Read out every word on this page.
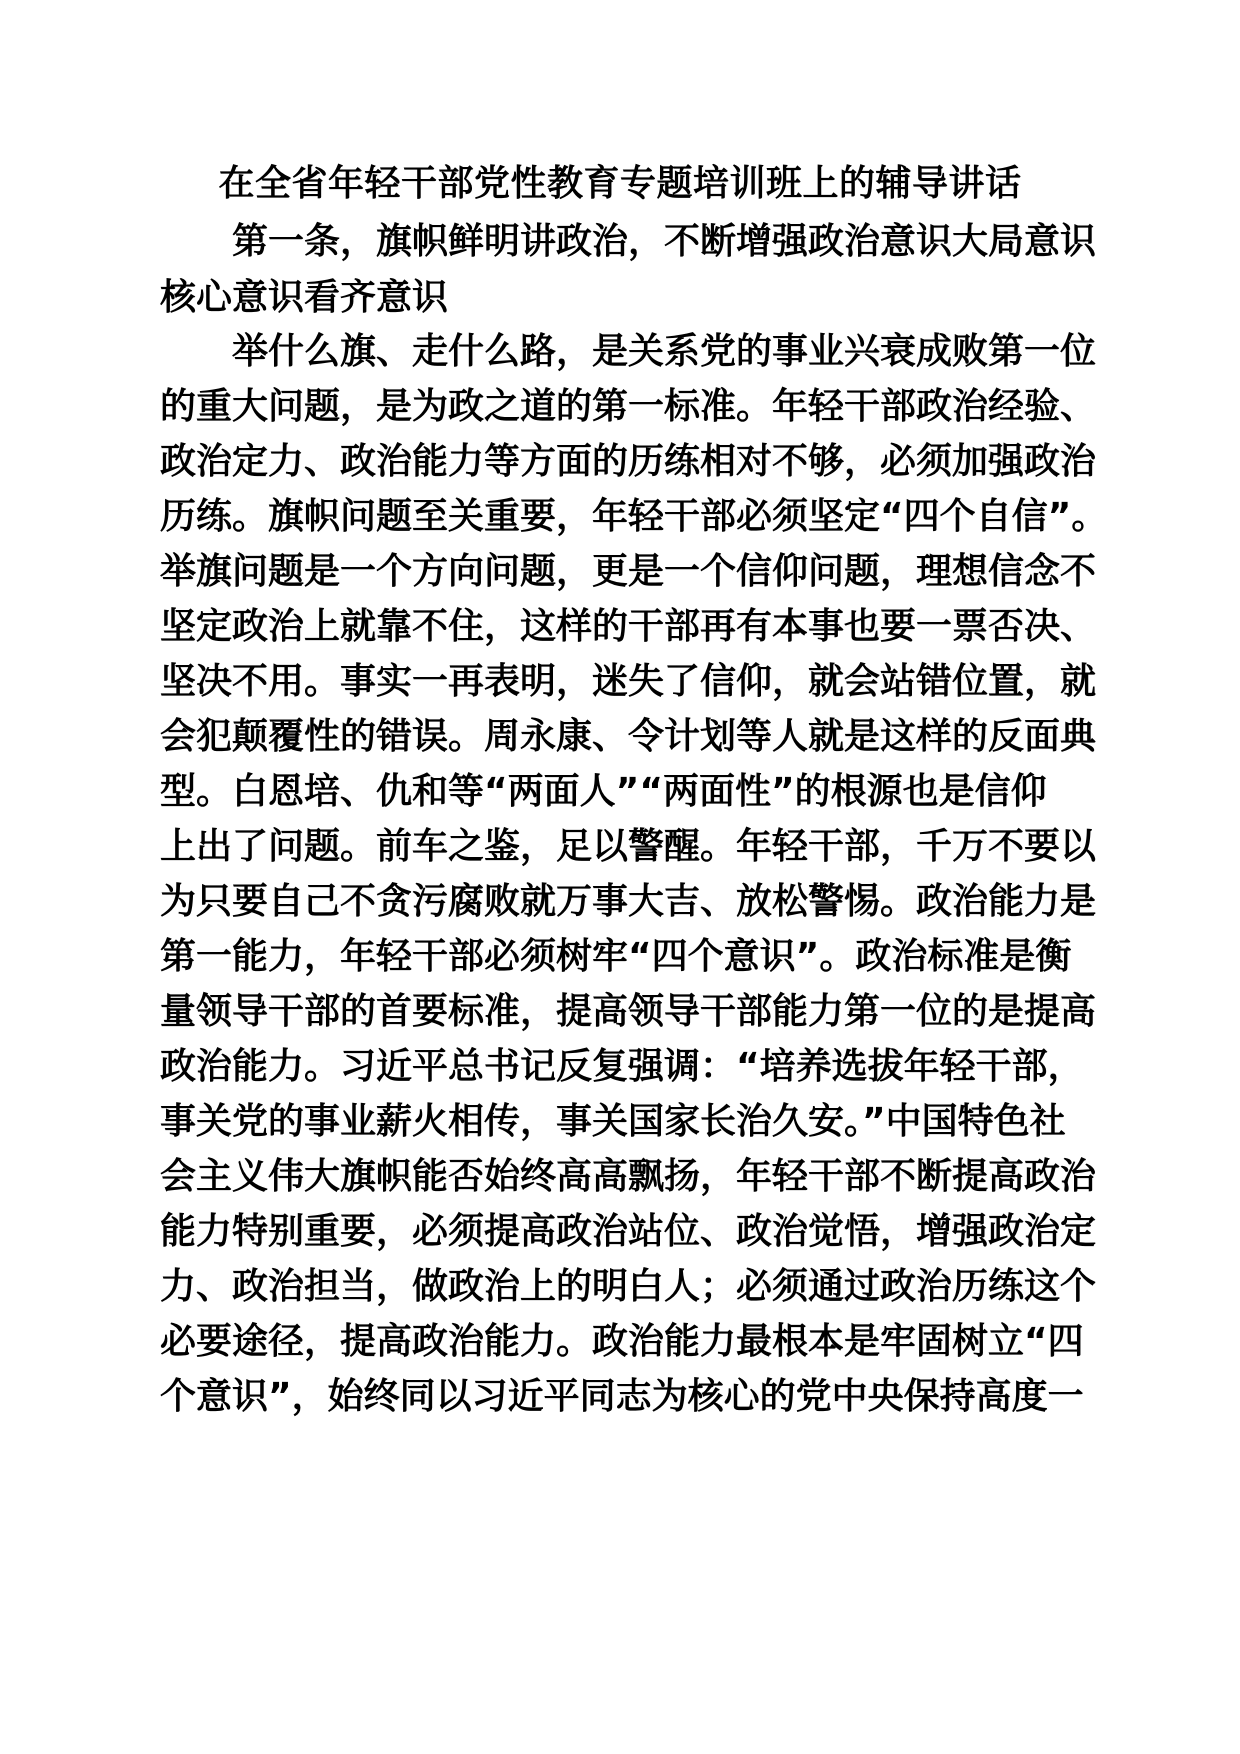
在全省年轻干部党性教育专题培训班上的辅导讲话
第一条，旗帜鲜明讲政治，不断增强政治意识大局意识
核心意识看齐意识
举什么旗、走什么路，是关系党的事业兴衰成败第一位
的重大问题，是为政之道的第一标准。年轻干部政治经验、
政治定力、政治能力等方面的历练相对不够，必须加强政治
历练。旗帜问题至关重要，年轻干部必须坚定“四个自信”。
举旗问题是一个方向问题，更是一个信仰问题，理想信念不
坚定政治上就靠不住，这样的干部再有本事也要一票否决、
坚决不用。事实一再表明，迷失了信仰，就会站错位置，就
会犯颠覆性的错误。周永康、令计划等人就是这样的反面典
型。白恩培、仇和等“两面人”“两面性”的根源也是信仰
上出了问题。前车之鉴，足以警醒。年轻干部，千万不要以
为只要自己不贪污腐败就万事大吉、放松警惕。政治能力是
第一能力，年轻干部必须树牢“四个意识”。政治标准是衡
量领导干部的首要标准，提高领导干部能力第一位的是提高
政治能力。习近平总书记反复强调：“培养选拔年轻干部，
事关党的事业薪火相传，事关国家长治久安。”中国特色社
会主义伟大旗帜能否始终高高飘扬，年轻干部不断提高政治
能力特别重要，必须提高政治站位、政治觉悟，增强政治定
力、政治担当，做政治上的明白人；必须通过政治历练这个
必要途径，提高政治能力。政治能力最根本是牢固树立“四
个意识”，始终同以习近平同志为核心的党中央保持高度一
